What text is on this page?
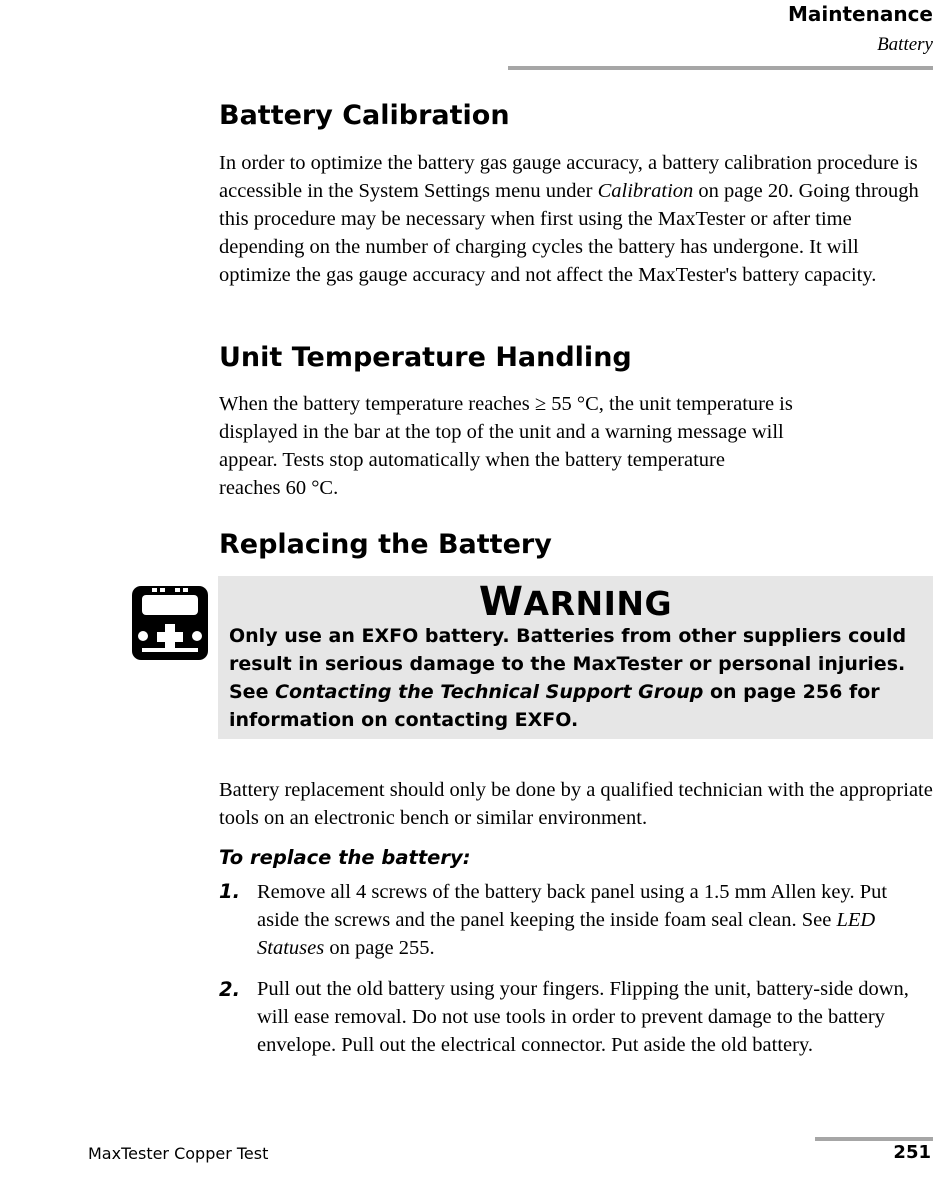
Maintenance
Battery
Battery Calibration

In order to optimize the battery gas gauge accuracy, a battery calibration procedure is accessible in the System Settings menu under Calibration on page 20. Going through this procedure may be necessary when first using the MaxTester or after time depending on the number of charging cycles the battery has undergone. It will optimize the gas gauge accuracy and not affect the MaxTester's battery capacity.

Unit Temperature Handling
When the battery temperature reaches ≥ 55 °C, the unit temperature is
displayed in the bar at the top of the unit and a warning message will
appear. Tests stop automatically when the battery temperature
reaches 60 °C.
Replacing the Battery
WARNING
Only use an EXFO battery. Batteries from other suppliers could result in serious damage to the MaxTester or personal injuries. See Contacting the Technical Support Group on page 256 for information on contacting EXFO.

Battery replacement should only be done by a qualified technician with the appropriate tools on an electronic bench or similar environment.

To replace the battery:
1. Remove all 4 screws of the battery back panel using a 1.5 mm Allen key. Put aside the screws and the panel keeping the inside foam seal clean. See LED Statuses on page 255.

2. Pull out the old battery using your fingers. Flipping the unit, battery-side down, will ease removal. Do not use tools in order to prevent damage to the battery envelope. Pull out the electrical connector. Put aside the old battery.

MaxTester Copper Test	251
